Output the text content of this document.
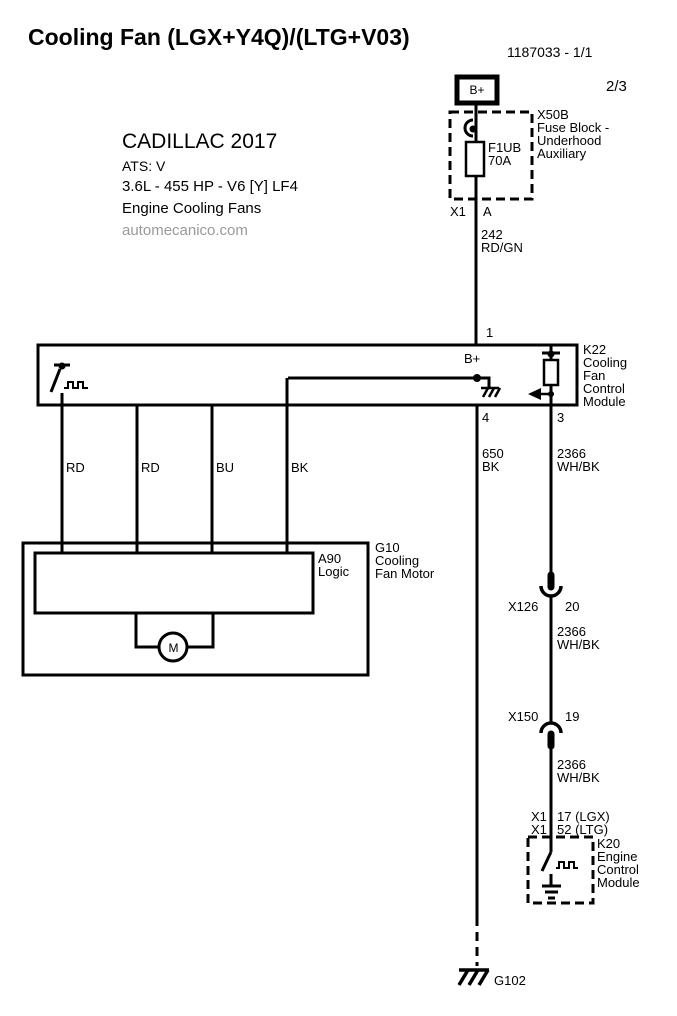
Cooling Fan (LGX+Y4Q)/(LTG+V03)
1187033 - 1/1
2/3
CADILLAC 2017
ATS: V
3.6L - 455 HP - V6 [Y] LF4
Engine Cooling Fans
automecanico.com
B+
X50B
Fuse Block -
Underhood
Auxiliary
F1UB
70A
X1 A
242
RD/GN
1
B+
K22
Cooling
Fan
Control
Module
4	3
650
BK
2366
WH/BK
RD	RD	BU	BK
A90
Logic
G10
Cooling
Fan Motor
M
X126 20
2366
WH/BK
X150 19
2366
WH/BK
X1 17 (LGX)
X1 52 (LTG)
K20
Engine
Control
Module
G102
